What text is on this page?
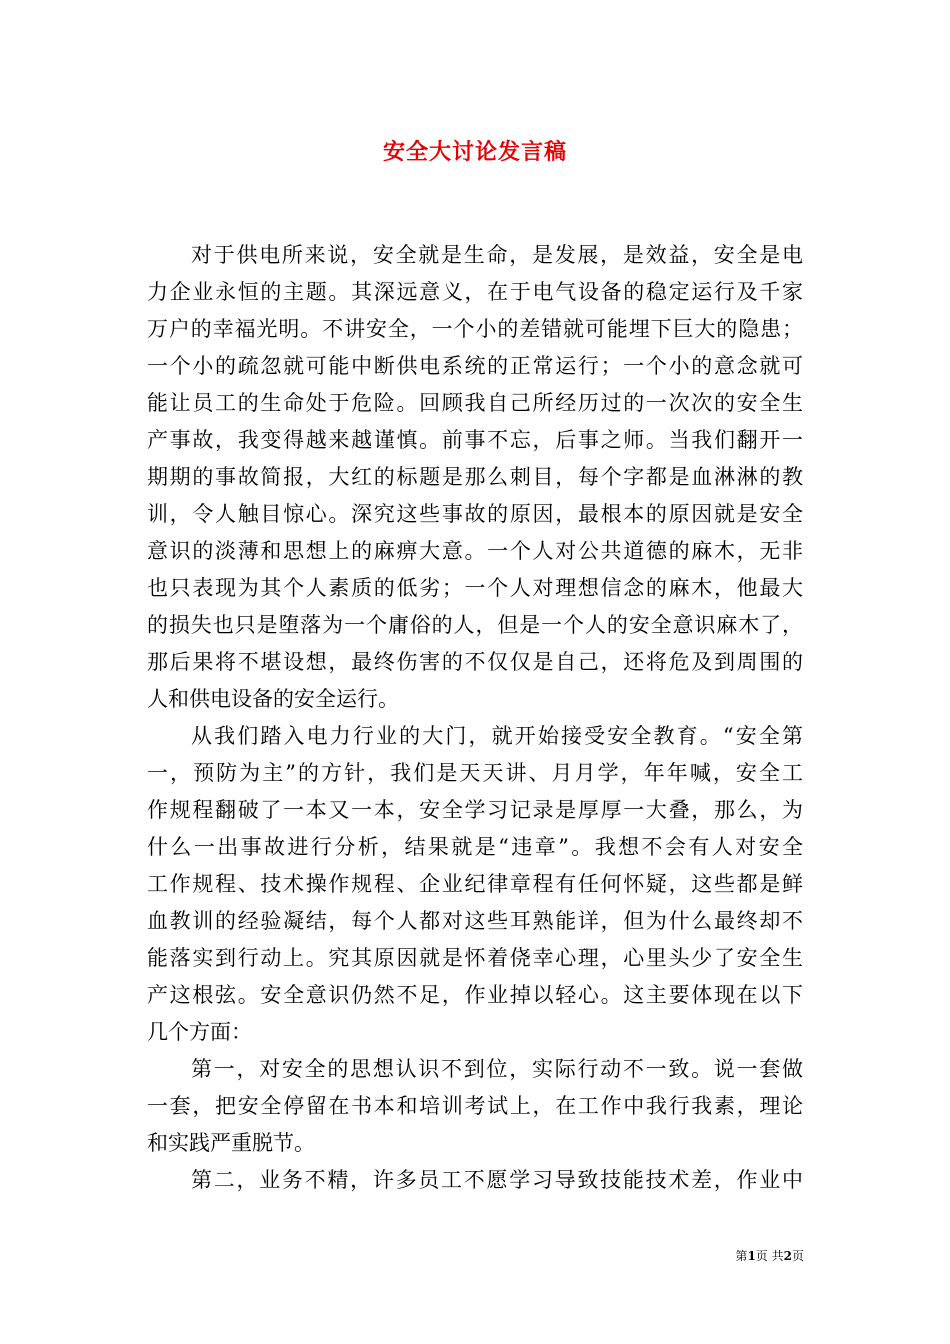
安全大讨论发言稿
对于供电所来说，安全就是生命，是发展，是效益，安全是电
力企业永恒的主题。其深远意义，在于电气设备的稳定运行及千家
万户的幸福光明。不讲安全，一个小的差错就可能埋下巨大的隐患；
一个小的疏忽就可能中断供电系统的正常运行；一个小的意念就可
能让员工的生命处于危险。回顾我自己所经历过的一次次的安全生
产事故，我变得越来越谨慎。前事不忘，后事之师。当我们翻开一
期期的事故简报，大红的标题是那么刺目，每个字都是血淋淋的教
训，令人触目惊心。深究这些事故的原因，最根本的原因就是安全
意识的淡薄和思想上的麻痹大意。一个人对公共道德的麻木，无非
也只表现为其个人素质的低劣；一个人对理想信念的麻木，他最大
的损失也只是堕落为一个庸俗的人，但是一个人的安全意识麻木了，
那后果将不堪设想，最终伤害的不仅仅是自己，还将危及到周围的
人和供电设备的安全运行。
从我们踏入电力行业的大门，就开始接受安全教育。“安全第
一，预防为主”的方针，我们是天天讲、月月学，年年喊，安全工
作规程翻破了一本又一本，安全学习记录是厚厚一大叠，那么，为
什么一出事故进行分析，结果就是“违章”。我想不会有人对安全
工作规程、技术操作规程、企业纪律章程有任何怀疑，这些都是鲜
血教训的经验凝结，每个人都对这些耳熟能详，但为什么最终却不
能落实到行动上。究其原因就是怀着侥幸心理，心里头少了安全生
产这根弦。安全意识仍然不足，作业掉以轻心。这主要体现在以下
几个方面：
第一，对安全的思想认识不到位，实际行动不一致。说一套做
一套，把安全停留在书本和培训考试上，在工作中我行我素，理论
和实践严重脱节。
第二，业务不精，许多员工不愿学习导致技能技术差，作业中
第1页 共2页
